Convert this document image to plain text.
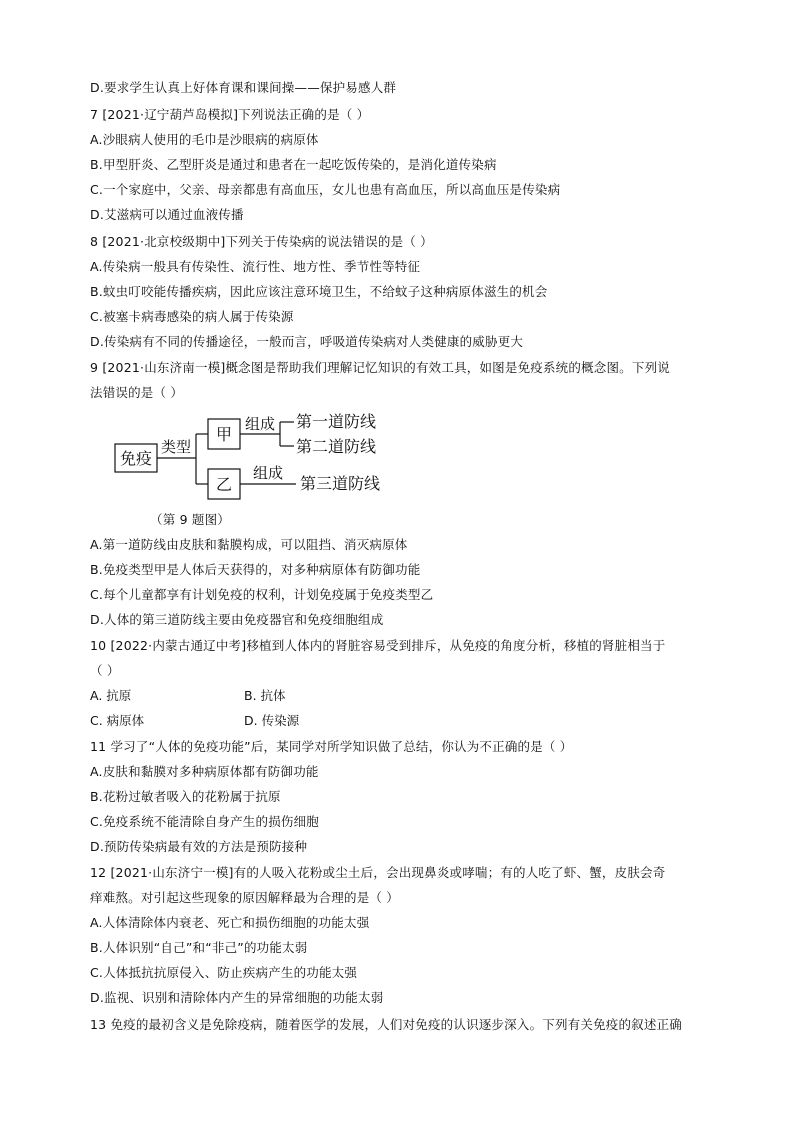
D.要求学生认真上好体育课和课间操——保护易感人群
7 [2021·辽宁葫芦岛模拟]下列说法正确的是（ ）
A.沙眼病人使用的毛巾是沙眼病的病原体
B.甲型肝炎、乙型肝炎是通过和患者在一起吃饭传染的，是消化道传染病
C.一个家庭中，父亲、母亲都患有高血压，女儿也患有高血压，所以高血压是传染病
D.艾滋病可以通过血液传播
8 [2021·北京校级期中]下列关于传染病的说法错误的是（ ）
A.传染病一般具有传染性、流行性、地方性、季节性等特征
B.蚊虫叮咬能传播疾病，因此应该注意环境卫生，不给蚊子这种病原体滋生的机会
C.被塞卡病毒感染的病人属于传染源
D.传染病有不同的传播途径，一般而言，呼吸道传染病对人类健康的威胁更大
9 [2021·山东济南一模]概念图是帮助我们理解记忆知识的有效工具，如图是免疫系统的概念图。下列说
法错误的是（ ）
免疫
类型
甲
乙
组成 第一道防线
第二道防线
组成
第三道防线
（第 9 题图）
A.第一道防线由皮肤和黏膜构成，可以阻挡、消灭病原体
B.免疫类型甲是人体后天获得的，对多种病原体有防御功能
C.每个儿童都享有计划免疫的权利，计划免疫属于免疫类型乙
D.人体的第三道防线主要由免疫器官和免疫细胞组成
10 [2022·内蒙古通辽中考]移植到人体内的肾脏容易受到排斥，从免疫的角度分析，移植的肾脏相当于
（ ）
A. 抗原	B. 抗体
C. 病原体	D. 传染源
11 学习了“人体的免疫功能”后，某同学对所学知识做了总结，你认为不正确的是（ ）
A.皮肤和黏膜对多种病原体都有防御功能
B.花粉过敏者吸入的花粉属于抗原
C.免疫系统不能清除自身产生的损伤细胞
D.预防传染病最有效的方法是预防接种
12 [2021·山东济宁一模]有的人吸入花粉或尘土后，会出现鼻炎或哮喘；有的人吃了虾、蟹，皮肤会奇
痒难熬。对引起这些现象的原因解释最为合理的是（ ）
A.人体清除体内衰老、死亡和损伤细胞的功能太强
B.人体识别“自己”和“非己”的功能太弱
C.人体抵抗抗原侵入、防止疾病产生的功能太强
D.监视、识别和清除体内产生的异常细胞的功能太弱
13 免疫的最初含义是免除疫病，随着医学的发展，人们对免疫的认识逐步深入。下列有关免疫的叙述正确
